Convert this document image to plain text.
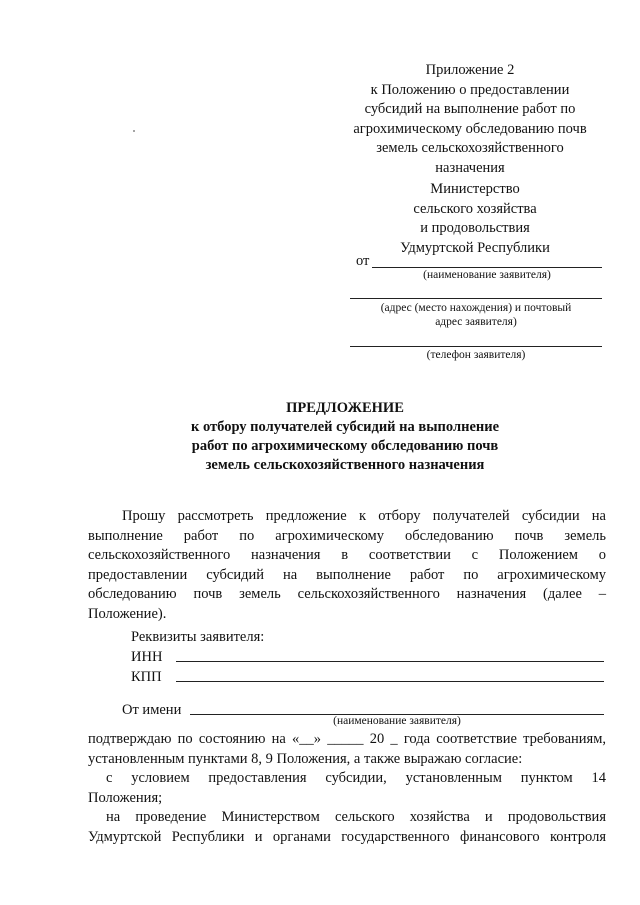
Приложение 2
к Положению о предоставлении
субсидий на выполнение работ по
агрохимическому обследованию почв
земель сельскохозяйственного
назначения
Министерство
сельского хозяйства
и продовольствия
Удмуртской Республики
от
(наименование заявителя)
(адрес (место нахождения) и почтовый
адрес заявителя)
(телефон заявителя)
ПРЕДЛОЖЕНИЕ
к отбору получателей субсидий на выполнение
работ по агрохимическому обследованию почв
земель сельскохозяйственного назначения
Прошу рассмотреть предложение к отбору получателей субсидии на
выполнение работ по агрохимическому обследованию почв земель
сельскохозяйственного назначения в соответствии с Положением о
предоставлении субсидий на выполнение работ по агрохимическому
обследованию почв земель сельскохозяйственного назначения (далее –
Положение).
Реквизиты заявителя:
ИНН
КПП
От имени
(наименование заявителя)
подтверждаю по состоянию на «__» _____ 20 _ года соответствие требованиям,
установленным пунктами 8, 9 Положения, а также выражаю согласие:
с условием предоставления субсидии, установленным пунктом 14
Положения;
на проведение Министерством сельского хозяйства и продовольствия
Удмуртской Республики и органами государственного финансового контроля
